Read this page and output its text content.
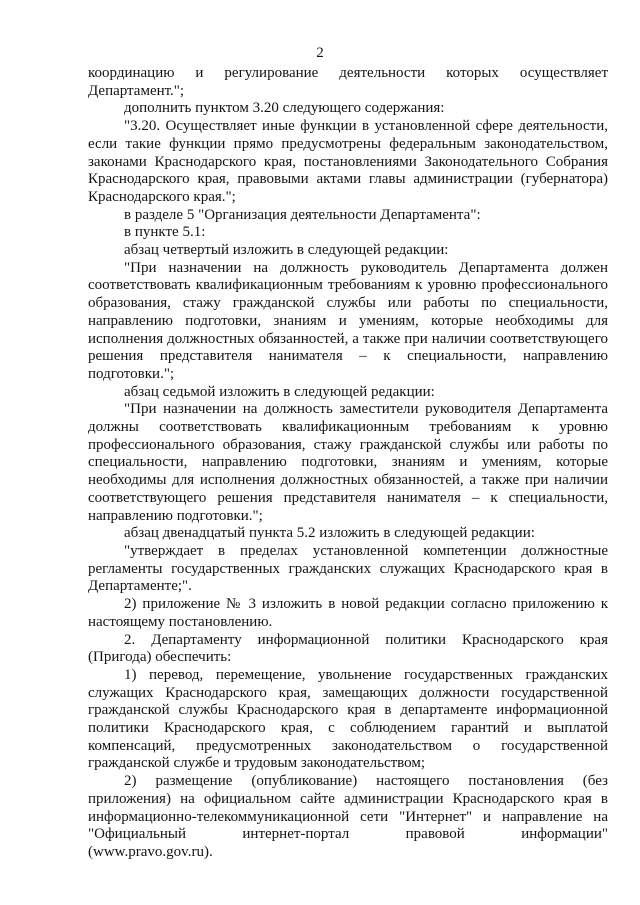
2

координацию и регулирование деятельности которых осуществляет Департамент.";

дополнить пунктом 3.20 следующего содержания:

"3.20. Осуществляет иные функции в установленной сфере деятельности, если такие функции прямо предусмотрены федеральным законодательством, законами Краснодарского края, постановлениями Законодательного Собрания Краснодарского края, правовыми актами главы администрации (губернатора) Краснодарского края.";

в разделе 5 "Организация деятельности Департамента":

в пункте 5.1:

абзац четвертый изложить в следующей редакции:

"При назначении на должность руководитель Департамента должен соответствовать квалификационным требованиям к уровню профессионального образования, стажу гражданской службы или работы по специальности, направлению подготовки, знаниям и умениям, которые необходимы для исполнения должностных обязанностей, а также при наличии соответствующего решения представителя нанимателя – к специальности, направлению подготовки.";

абзац седьмой изложить в следующей редакции:

"При назначении на должность заместители руководителя Департамента должны соответствовать квалификационным требованиям к уровню профессионального образования, стажу гражданской службы или работы по специальности, направлению подготовки, знаниям и умениям, которые необходимы для исполнения должностных обязанностей, а также при наличии соответствующего решения представителя нанимателя – к специальности, направлению подготовки.";

абзац двенадцатый пункта 5.2 изложить в следующей редакции:

"утверждает в пределах установленной компетенции должностные регламенты государственных гражданских служащих Краснодарского края в Департаменте;".

2) приложение № 3 изложить в новой редакции согласно приложению к настоящему постановлению.

2. Департаменту информационной политики Краснодарского края (Пригода) обеспечить:

1) перевод, перемещение, увольнение государственных гражданских служащих Краснодарского края, замещающих должности государственной гражданской службы Краснодарского края в департаменте информационной политики Краснодарского края, с соблюдением гарантий и выплатой компенсаций, предусмотренных законодательством о государственной гражданской службе и трудовым законодательством;

2) размещение (опубликование) настоящего постановления (без приложения) на официальном сайте администрации Краснодарского края в информационно-телекоммуникационной сети "Интернет" и направление на "Официальный интернет-портал правовой информации"

(www.pravo.gov.ru).
